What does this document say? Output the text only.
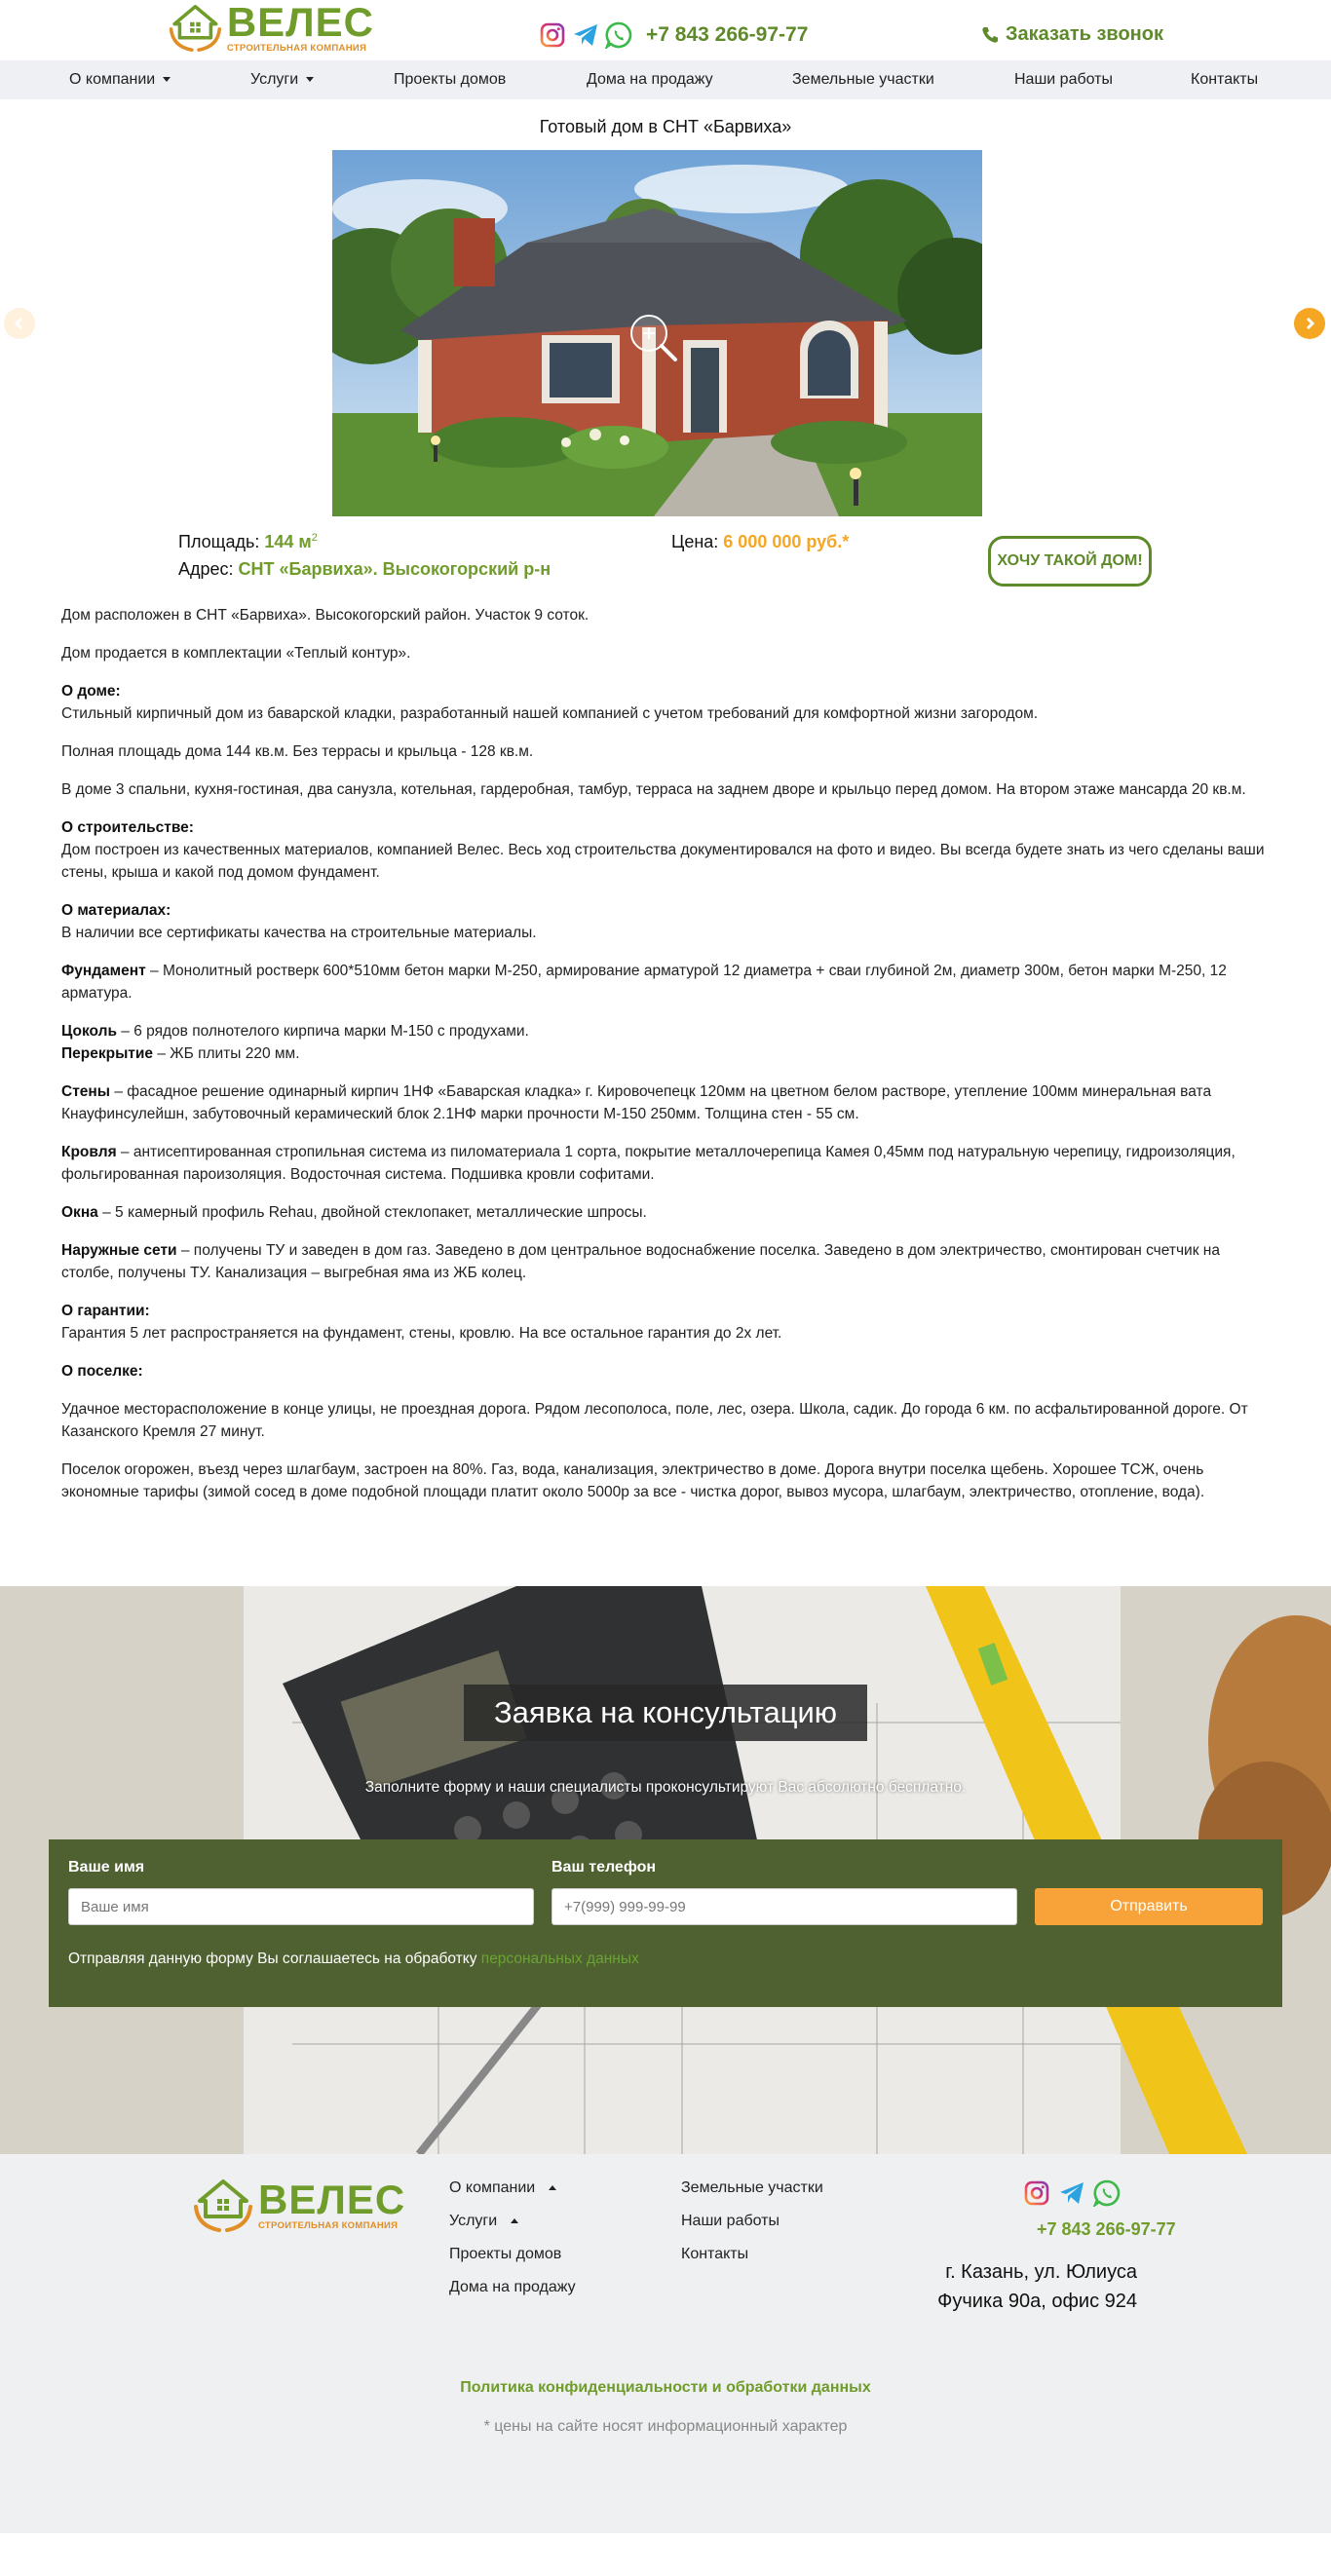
ВЕЛЕС
СТРОИТЕЛЬНАЯ КОМПАНИЯ
+7 843 266-97-77	Заказать звонок
О компании	Услуги	Проекты домов	Дома на продажу	Земельные участки	Наши работы	Контакты
Готовый дом в СНТ «Барвиха»
Площадь: 144 $м^2$
Адрес: СНТ «Барвиха». Высокогорский р-н
Цена: 6 000 000 руб.*
ХОЧУ ТАКОЙ ДОМ!

Дом расположен в СНТ «Барвиха». Высокогорский район. Участок 9 соток.

Дом продается в комплектации «Теплый контур».

О доме:
Стильный кирпичный дом из баварской кладки, разработанный нашей компанией с учетом требований для комфортной жизни загородом.

Полная площадь дома 144 кв.м. Без террасы и крыльца - 128 кв.м.

В доме 3 спальни, кухня-гостиная, два санузла, котельная, гардеробная, тамбур, терраса на заднем дворе и крыльцо перед домом. На втором этаже мансарда 20 кв.м.

О строительстве:
Дом построен из качественных материалов, компанией Велес. Весь ход строительства документировался на фото и видео. Вы всегда будете знать из чего сделаны ваши стены, крыша и какой под домом фундамент.

О материалах:
В наличии все сертификаты качества на строительные материалы.

Фундамент – Монолитный ростверк 600*510мм бетон марки М-250, армирование арматурой 12 диаметра + сваи глубиной 2м, диаметр 300м, бетон марки М-250, 12 арматура.

Цоколь – 6 рядов полнотелого кирпича марки М-150 с продухами.
Перекрытие – ЖБ плиты 220 мм.

Стены – фасадное решение одинарный кирпич 1НФ «Баварская кладка» г. Кировочепецк 120мм на цветном белом растворе, утепление 100мм минеральная вата Кнауфинсулейшн, забутовочный керамический блок 2.1НФ марки прочности М-150 250мм. Толщина стен - 55 см.

Кровля – антисептированная стропильная система из пиломатериала 1 сорта, покрытие металлочерепица Камея 0,45мм под натуральную черепицу, гидроизоляция, фольгированная пароизоляция. Водосточная система. Подшивка кровли софитами.

Окна – 5 камерный профиль Rehau, двойной стеклопакет, металлические шпросы.

Наружные сети – получены ТУ и заведен в дом газ. Заведено в дом центральное водоснабжение поселка. Заведено в дом электричество, смонтирован счетчик на столбе, получены ТУ. Канализация – выгребная яма из ЖБ колец.

О гарантии:
Гарантия 5 лет распространяется на фундамент, стены, кровлю. На все остальное гарантия до 2х лет.

О поселке:

Удачное месторасположение в конце улицы, не проездная дорога. Рядом лесополоса, поле, лес, озера. Школа, садик. До города 6 км. по асфальтированной дороге. От Казанского Кремля 27 минут.

Поселок огорожен, въезд через шлагбаум, застроен на 80%. Газ, вода, канализация, электричество в доме. Дорога внутри поселка щебень. Хорошее ТСЖ, очень экономные тарифы (зимой сосед в доме подобной площади платит около 5000р за все - чистка дорог, вывоз мусора, шлагбаум, электричество, отопление, вода).

Заявка на консультацию
Заполните форму и наши специалисты проконсультируют Вас абсолютно бесплатно.
Ваше имя
Ваше имя	Ваш телефон
+7(999) 999-99-99
Отправить
Отправляя данную форму Вы соглашаетесь на обработку персональных данных
ВЕЛЕС
СТРОИТЕЛЬНАЯ КОМПАНИЯ
О компании
Услуги
Проекты домов
Дома на продажу
Земельные участки
Наши работы
Контакты
+7 843 266-97-77
г. Казань, ул. Юлиуса
Фучика 90а, офис 924
Политика конфиденциальности и обработки данных
* цены на сайте носят информационный характер
